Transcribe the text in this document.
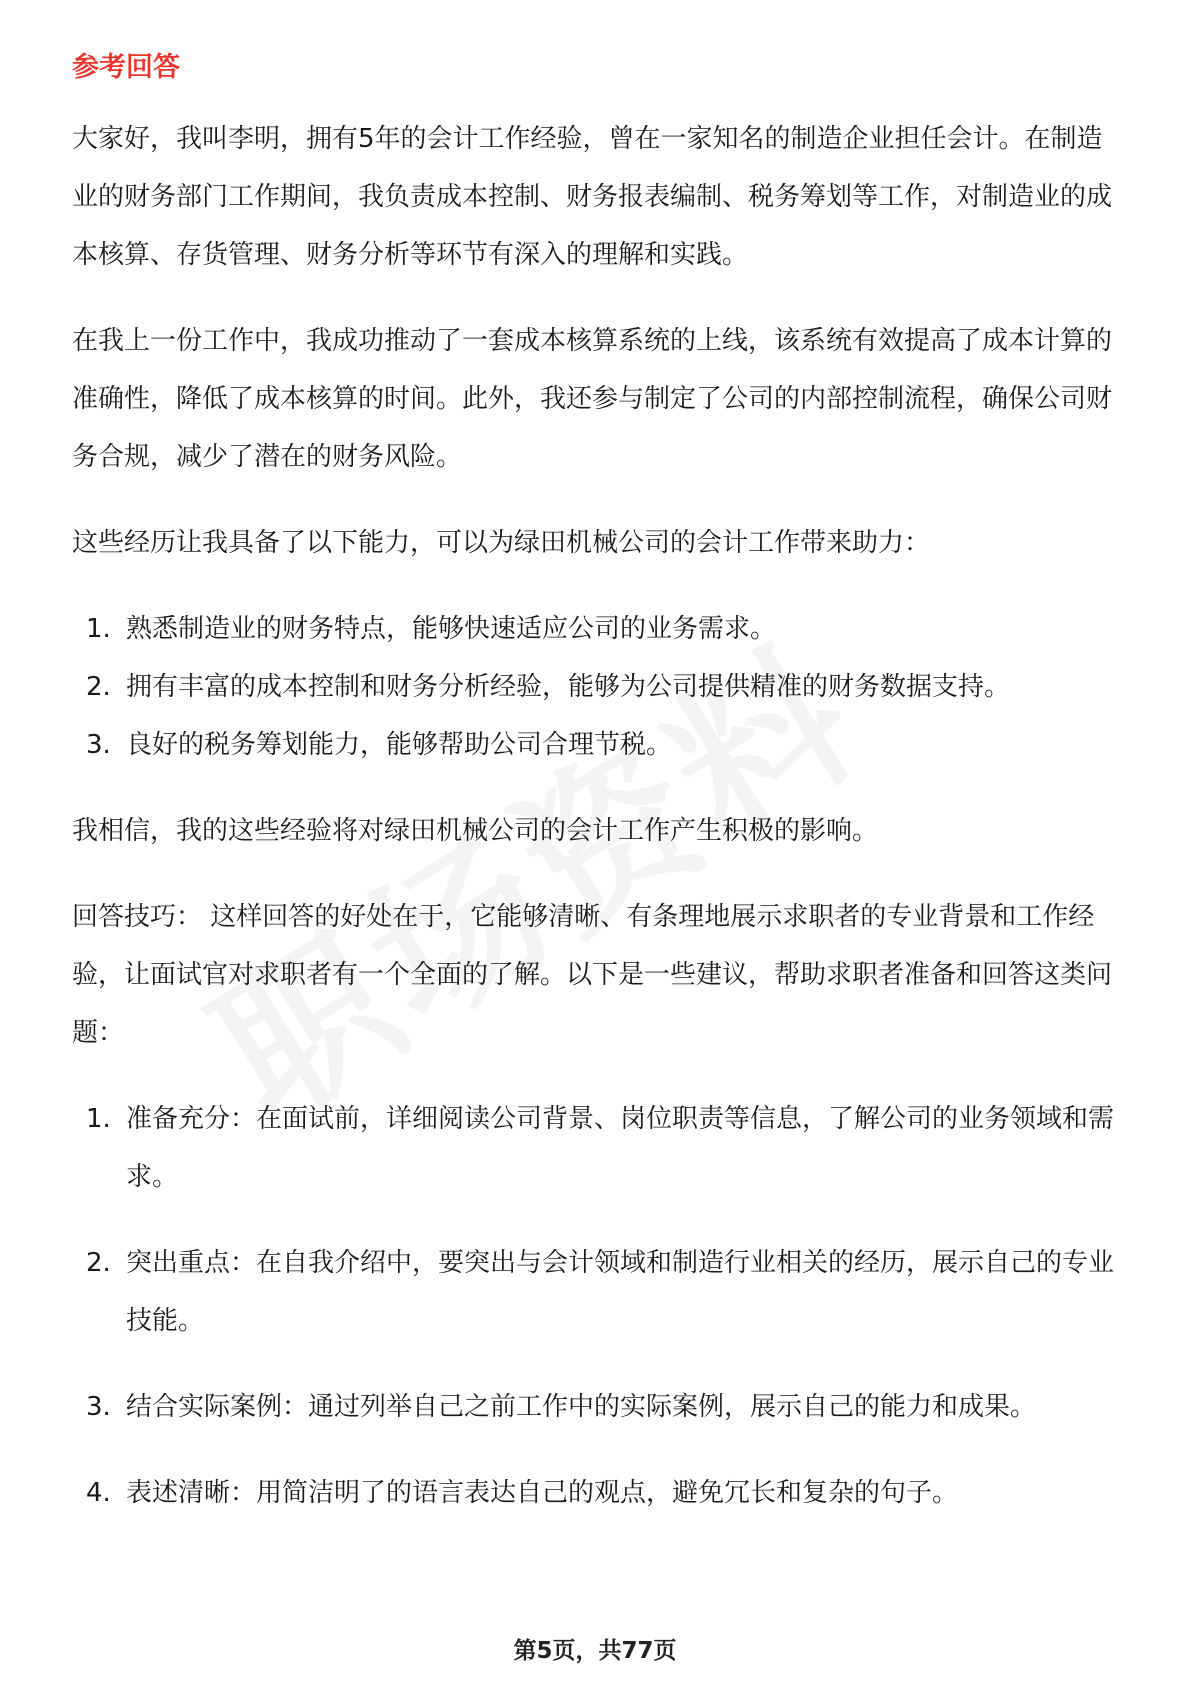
参考回答

大家好，我叫李明，拥有5年的会计工作经验，曾在一家知名的制造企业担任会计。在制造业的财务部门工作期间，我负责成本控制、财务报表编制、税务筹划等工作，对制造业的成本核算、存货管理、财务分析等环节有深入的理解和实践。

在我上一份工作中，我成功推动了一套成本核算系统的上线，该系统有效提高了成本计算的准确性，降低了成本核算的时间。此外，我还参与制定了公司的内部控制流程，确保公司财务合规，减少了潜在的财务风险。

这些经历让我具备了以下能力，可以为绿田机械公司的会计工作带来助力：

1. 熟悉制造业的财务特点，能够快速适应公司的业务需求。
2. 拥有丰富的成本控制和财务分析经验，能够为公司提供精准的财务数据支持。
3. 良好的税务筹划能力，能够帮助公司合理节税。

我相信，我的这些经验将对绿田机械公司的会计工作产生积极的影响。

回答技巧： 这样回答的好处在于，它能够清晰、有条理地展示求职者的专业背景和工作经验，让面试官对求职者有一个全面的了解。以下是一些建议，帮助求职者准备和回答这类问题：

1. 准备充分：在面试前，详细阅读公司背景、岗位职责等信息，了解公司的业务领域和需求。
2. 突出重点：在自我介绍中，要突出与会计领域和制造行业相关的经历，展示自己的专业技能。
3. 结合实际案例：通过列举自己之前工作中的实际案例，展示自己的能力和成果。
4. 表述清晰：用简洁明了的语言表达自己的观点，避免冗长和复杂的句子。
第5页，共77页
